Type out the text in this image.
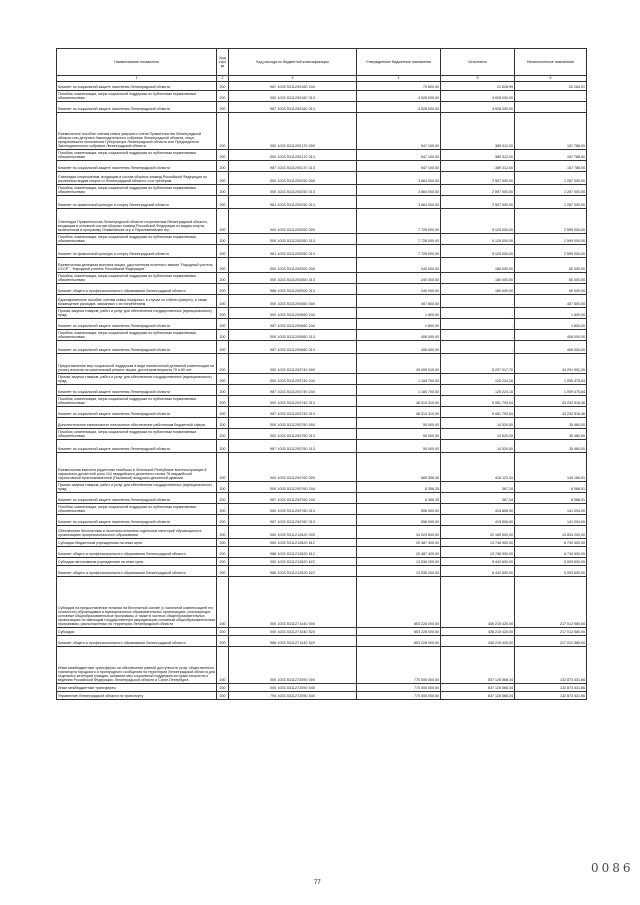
Наименование показателя	Код стро ки	Код расхода по бюджетной классификации	Утвержденные бюджетные назначения	Исполнено	Неисполненные назначения
1	2	3	4	5	6
Комитет по социальной защите населения Ленинградской области	200	987 1003 5311200160 244	73 600,00	21 628,99	52 284,01
Пособия, компенсации, меры социальной поддержки по публичным нормативным обязательствам	200	000 1003 5311200160 313	4 928 000,00	4 928 000,00	-
Комитет по социальной защите населения Ленинградской области	200	987 1003 5311200160 313	4 928 000,00	4 928 000,00	-
Ежемесячное пособие членам семьи умершего члена Правительства Ленинградской области или депутата Законодательного собрания Ленинградской области, лица, прекратившего полномочия Губернатора Ленинградской области или Председателя Законодательного собрания Ленинградской области	200	000 1003 5311200170 000	547 100,00	389 312,00	157 788,00
Пособия, компенсации, меры социальной поддержки по публичным нормативным обязательствам	200	000 1003 5311200170 313	547 100,00	389 312,00	157 788,00
Комитет по социальной защите населения Ленинградской области	200	987 1003 5311200170 313	547 100,00	389 312,00	157 788,00
Стипендии спортсменам, входящим в состав сборных команд Российской Федерации по различным видам спорта от Ленинградской области, и их тренерам	200	000 1003 5311200250 000	3 864 000,00	2 597 000,00	1 267 000,00
Пособия, компенсации, меры социальной поддержки по публичным нормативным обязательствам	200	000 1003 5311200250 313	3 864 000,00	2 597 000,00	1 267 000,00
Комитет по физической культуре и спорту Ленинградской области	200	981 1003 5311200250 313	3 864 000,00	2 597 000,00	1 267 000,00
Стипендия Правительства Ленинградской области спортсменам Ленинградской области, входящим в основной состав сборных команд Российской Федерации по видам спорта, включенным в программу Олимпийских игр и Паралимпийских игр	200	000 1003 5311200260 000	7 728 000,00	5 129 000,00	2 599 000,00
Пособия, компенсации, меры социальной поддержки по публичным нормативным обязательствам	200	000 1003 5311200260 313	7 728 000,00	5 129 000,00	2 599 000,00
Комитет по физической культуре и спорту Ленинградской области	200	981 1003 5311200260 313	7 728 000,00	5 129 000,00	2 599 000,00
Ежемесячная денежная выплата лицам, удостоенным почетного звания "Народный учитель СССР", "Народный учитель Российской Федерации"	200	000 1003 5311200300 000	240 000,00	180 000,00	60 000,00
Пособия, компенсации, меры социальной поддержки по публичным нормативным обязательствам	200	000 1003 5311200300 313	240 000,00	180 000,00	60 000,00
Комитет общего и профессионального образования Ленинградской области	200	986 1003 5311200300 313	240 000,00	180 000,00	60 000,00
Единовременное пособие членам семьи пожарных, в случае их гибели (смерти), а также возмещение расходов, связанных с их погребением	200	000 1003 5311200560 000	407 800,00	-	407 800,00
Прочая закупка товаров, работ и услуг для обеспечения государственных (муниципальных) нужд	200	000 1003 5311200560 244	1 800,00	-	1 800,00
Комитет по социальной защите населения Ленинградской области	200	987 1003 5311200560 244	1 800,00	-	1 800,00
Пособия, компенсации, меры социальной поддержки по публичным нормативным обязательствам	200	000 1003 5311200560 313	406 000,00	-	406 000,00
Комитет по социальной защите населения Ленинградской области	200	987 1003 5311200560 313	406 000,00	-	406 000,00
Предоставление мер социальной поддержки в виде ежемесячной денежной компенсации на уплату взносов на капитальный ремонт лицам, достигшим возраста 70 и 80 лет	200	000 1003 5311200740 000	49 499 010,00	5 207 017,70	44 291 992,30
Прочая закупка товаров, работ и услуг для обеспечения государственных (муниципальных) нужд	200	000 1003 5311200740 244	1 184 700,00	125 224,16	1 059 475,84
Комитет по социальной защите населения Ленинградской области	200	987 1003 5311200740 244	1 184 700,00	125 224,16	1 059 475,84
Пособия, компенсации, меры социальной поддержки по публичным нормативным обязательствам	200	000 1003 5311200740 313	48 314 310,00	5 081 793,54	43 232 516,46
Комитет по социальной защите населения Ленинградской области	200	987 1003 5311200740 313	48 314 310,00	5 081 793,54	43 232 516,46
Дополнительное ежемесячное пенсионное обеспечение работникам бюджетной сферы	200	000 1003 5311200750 000	50 000,00	14 520,00	35 480,00
Пособия, компенсации, меры социальной поддержки по публичным нормативным обязательствам	200	000 1003 5311200750 313	50 000,00	14 520,00	35 480,00
Комитет по социальной защите населения Ленинградской области	200	987 1003 5311200750 313	50 000,00	14 520,00	35 480,00
Ежемесячная выплата родителям погибших в Чеченской Республике военнослужащих 6 парашютно-десантной роты 104 гвардейского десантного полка 76 гвардейской Черниговской Краснознаменной (Псковской) воздушно-десантной дивизии	200	000 1003 5311200760 000	565 356,25	416 123,34	149 180,91
Прочая закупка товаров, работ и услуг для обеспечения государственных (муниципальных) нужд	200	000 1003 5311200760 244	8 356,25	367,34	8 088,91
Комитет по социальной защите населения Ленинградской области	200	987 1003 5311200760 244	8 356,25	367,34	8 088,91
Пособия, компенсации, меры социальной поддержки по публичным нормативным обязательствам	200	000 1003 5311200760 313	556 900,00	415 806,00	141 094,00
Комитет по социальной защите населения Ленинградской области	200	987 1003 5311200760 313	556 900,00	415 806,00	141 094,00
Обеспечение бесплатным и льготным питанием отдельных категорий обучающихся в организациях профессионального образования	200	000 1003 5311212620 000	34 023 600,00	22 189 500,00	13 834 200,00
Субсидии бюджетным учреждениям на иные цели	200	000 1003 5311212620 612	20 487 400,00	13 746 900,00	6 740 500,00
Комитет общего и профессионального образования Ленинградской области	200	986 1003 5311212620 612	20 487 400,00	13 746 900,00	6 740 500,00
Субсидии автономным учреждениям на иные цели	200	000 1003 5311212620 622	13 536 200,00	8 442 600,00	5 093 600,00
Комитет общего и профессионального образования Ленинградской области	200	986 1003 5311212620 622	13 536 200,00	8 442 600,00	5 093 600,00
Субсидия на предоставление питания на бесплатной основе (с частичной компенсацией его стоимости) обучающимся в муниципальных образовательных организациях, реализующих основные общеобразовательные программы, а также в частных общеобразовательных организациях по имеющим государственную аккредитацию основным общеобразовательным программам, расположенных на территории Ленинградской области	200	000 1003 5311271440 000	653 228 000,00	436 215 420,00	217 012 580,00
Субсидии	200	000 1003 5311271440 520	653 228 000,00	436 215 420,00	217 012 580,00
Комитет общего и профессионального образования Ленинградской области	200	986 1003 5311271440 520	653 228 000,00	436 215 420,00	217 012 580,00
Иные межбюджетные трансферты на обеспечение равной доступности услуг общественного транспорта городского и пригородного сообщения на территории Ленинградской области для отдельных категорий граждан, оказание мер социальной поддержки которым относится к ведению Российской Федерации, Ленинградской области и Санкт-Петербурга	200	000 1003 5311272090 000	770 000 000,00	637 126 568,34	132 873 431,66
Иные межбюджетные трансферты	200	000 1003 5311272090 540	770 000 000,00	637 126 568,34	132 873 431,66
Управление Ленинградской области по транспорту	200	794 1003 5311272090 540	770 000 000,00	637 126 568,34	132 873 431,66
77
0086
